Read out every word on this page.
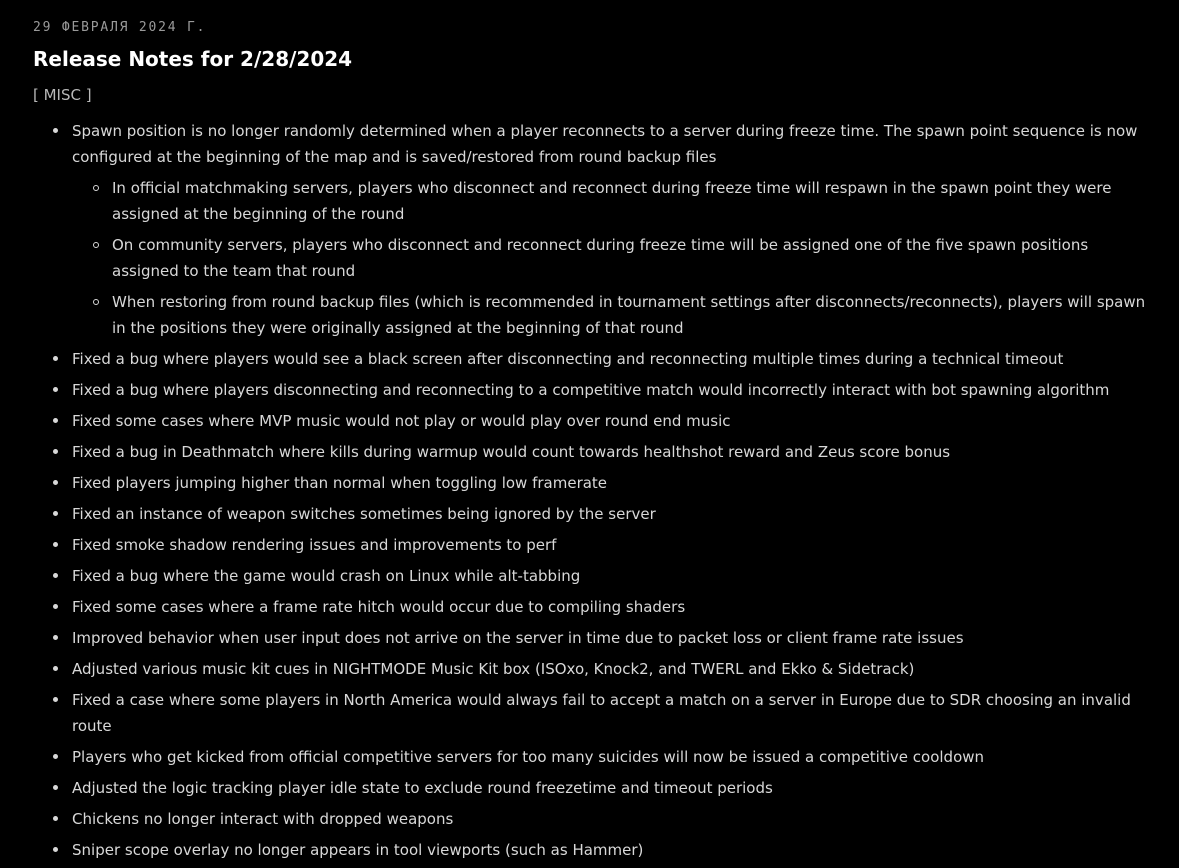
29 ФЕВРАЛЯ 2024 Г.
Release Notes for 2/28/2024
[ MISC ]
Spawn position is no longer randomly determined when a player reconnects to a server during freeze time. The spawn point sequence is now configured at the beginning of the map and is saved/restored from round backup files
In official matchmaking servers, players who disconnect and reconnect during freeze time will respawn in the spawn point they were assigned at the beginning of the round
On community servers, players who disconnect and reconnect during freeze time will be assigned one of the five spawn positions assigned to the team that round
When restoring from round backup files (which is recommended in tournament settings after disconnects/reconnects), players will spawn in the positions they were originally assigned at the beginning of that round
Fixed a bug where players would see a black screen after disconnecting and reconnecting multiple times during a technical timeout
Fixed a bug where players disconnecting and reconnecting to a competitive match would incorrectly interact with bot spawning algorithm
Fixed some cases where MVP music would not play or would play over round end music
Fixed a bug in Deathmatch where kills during warmup would count towards healthshot reward and Zeus score bonus
Fixed players jumping higher than normal when toggling low framerate
Fixed an instance of weapon switches sometimes being ignored by the server
Fixed smoke shadow rendering issues and improvements to perf
Fixed a bug where the game would crash on Linux while alt-tabbing
Fixed some cases where a frame rate hitch would occur due to compiling shaders
Improved behavior when user input does not arrive on the server in time due to packet loss or client frame rate issues
Adjusted various music kit cues in NIGHTMODE Music Kit box (ISOxo, Knock2, and TWERL and Ekko & Sidetrack)
Fixed a case where some players in North America would always fail to accept a match on a server in Europe due to SDR choosing an invalid route
Players who get kicked from official competitive servers for too many suicides will now be issued a competitive cooldown
Adjusted the logic tracking player idle state to exclude round freezetime and timeout periods
Chickens no longer interact with dropped weapons
Sniper scope overlay no longer appears in tool viewports (such as Hammer)
